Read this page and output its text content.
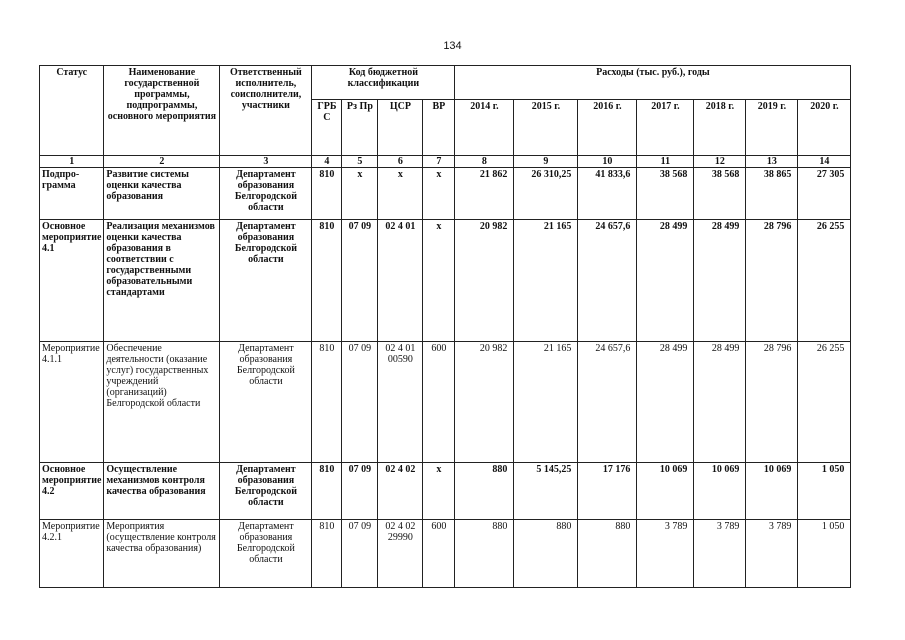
134
Статус	Наименование государственной программы, подпрограммы, основного мероприятия	Ответственный исполнитель, соисполнители, участники	Код бюджетной классификации				Расходы (тыс. руб.), годы						
			ГРБ С	Рз Пр	ЦСР	ВР	2014 г.	2015 г.	2016 г.	2017 г.	2018 г.	2019 г.	2020 г.
1	2	3	4	5	6	7	8	9	10	11	12	13	14
Подпро-грамма	Развитие системы оценки качества образования	Департамент образования Белгородской области	810	х	х	х	21 862	26 310,25	41 833,6	38 568	38 568	38 865	27 305
Основное мероприятие 4.1	Реализация механизмов оценки качества образования в соответствии с государственными образовательными стандартами	Департамент образования Белгородской области	810	07 09	02 4 01	х	20 982	21 165	24 657,6	28 499	28 499	28 796	26 255
Мероприятие 4.1.1	Обеспечение деятельности (оказание услуг) государственных учреждений (организаций) Белгородской области	Департамент образования Белгородской области	810	07 09	02 4 01 00590	600	20 982	21 165	24 657,6	28 499	28 499	28 796	26 255
Основное мероприятие 4.2	Осуществление механизмов контроля качества образования	Департамент образования Белгородской области	810	07 09	02 4 02	х	880	5 145,25	17 176	10 069	10 069	10 069	1 050
Мероприятие 4.2.1	Мероприятия (осуществление контроля качества образования)	Департамент образования Белгородской области	810	07 09	02 4 02 29990	600	880	880	880	3 789	3 789	3 789	1 050
